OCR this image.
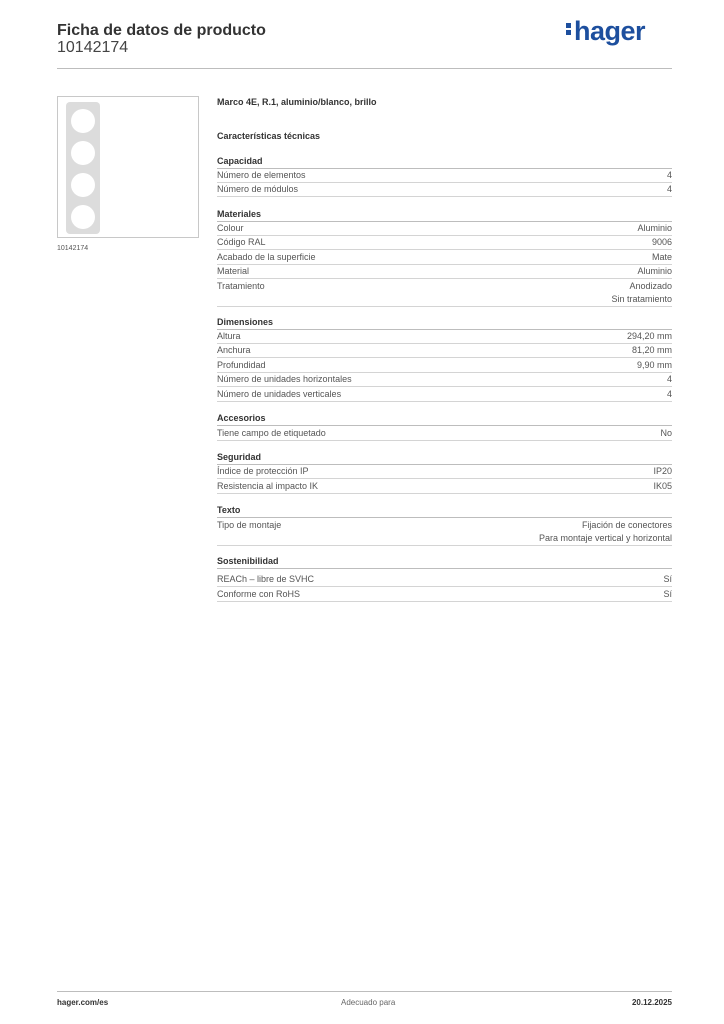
Ficha de datos de producto
10142174
hager
10142174
Marco 4E, R.1, aluminio/blanco, brillo
Características técnicas
Capacidad
Número de elementos	4
Número de módulos	4
Materiales
Colour	Aluminio
Código RAL	9006
Acabado de la superficie	Mate
Material	Aluminio
Tratamiento	Anodizado
Sin tratamiento
Dimensiones
Altura	294,20 mm
Anchura	81,20 mm
Profundidad	9,90 mm
Número de unidades horizontales	4
Número de unidades verticales	4
Accesorios
Tiene campo de etiquetado	No
Seguridad
Índice de protección IP	IP20
Resistencia al impacto IK	IK05
Texto
Tipo de montaje	Fijación de conectores
Para montaje vertical y horizontal
Sostenibilidad
REACh – libre de SVHC	Sí
Conforme con RoHS	Sí
hager.com/es	Adecuado para	20.12.2025
